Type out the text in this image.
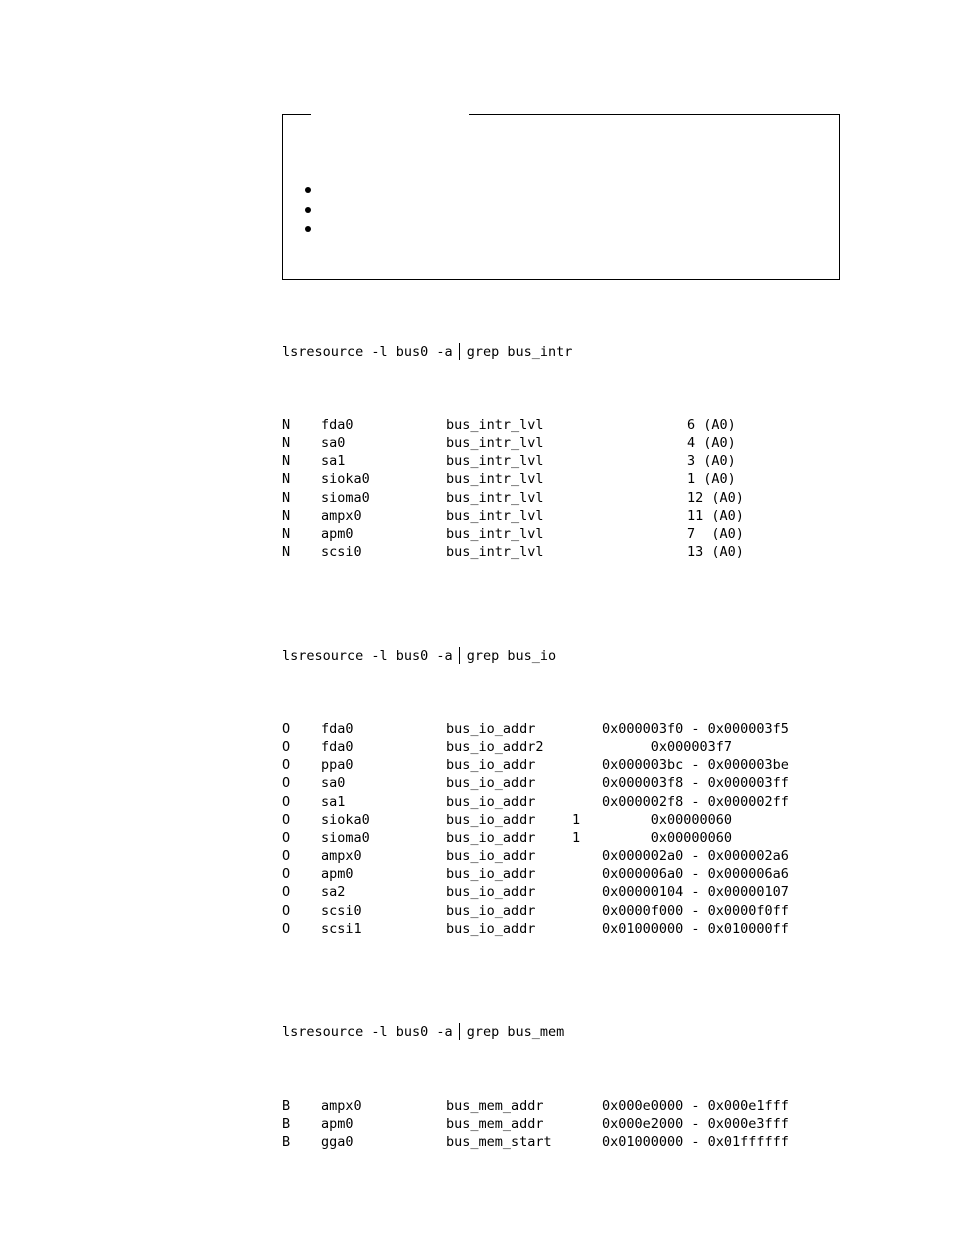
lsresource -l bus0 -a grep bus_intr
N fda0	bus_intr_lvl	6 (A0)
N sa0	bus_intr_lvl	4 (A0)
N sa1	bus_intr_lvl	3 (A0)
N sioka0	bus_intr_lvl	1 (A0)
N sioma0	bus_intr_lvl	12 (A0)
N ampx0	bus_intr_lvl	11 (A0)
N apm0	bus_intr_lvl	7  (A0)
N scsi0	bus_intr_lvl	13 (A0)
lsresource -l bus0 -a grep bus_io
O fda0	bus_io_addr	0x000003f0 - 0x000003f5
O fda0	bus_io_addr2	0x000003f7
O ppa0	bus_io_addr	0x000003bc - 0x000003be
O sa0	bus_io_addr	0x000003f8 - 0x000003ff
O sa1	bus_io_addr	0x000002f8 - 0x000002ff
O sioka0	bus_io_addr	1 0x00000060
O sioma0	bus_io_addr	1 0x00000060
O ampx0	bus_io_addr	0x000002a0 - 0x000002a6
O apm0	bus_io_addr	0x000006a0 - 0x000006a6
O sa2	bus_io_addr	0x00000104 - 0x00000107
O scsi0	bus_io_addr	0x0000f000 - 0x0000f0ff
O scsi1	bus_io_addr	0x01000000 - 0x010000ff
lsresource -l bus0 -a grep bus_mem
B ampx0	bus_mem_addr	0x000e0000 - 0x000e1fff
B apm0	bus_mem_addr	0x000e2000 - 0x000e3fff
B gga0	bus_mem_start	0x01000000 - 0x01ffffff
